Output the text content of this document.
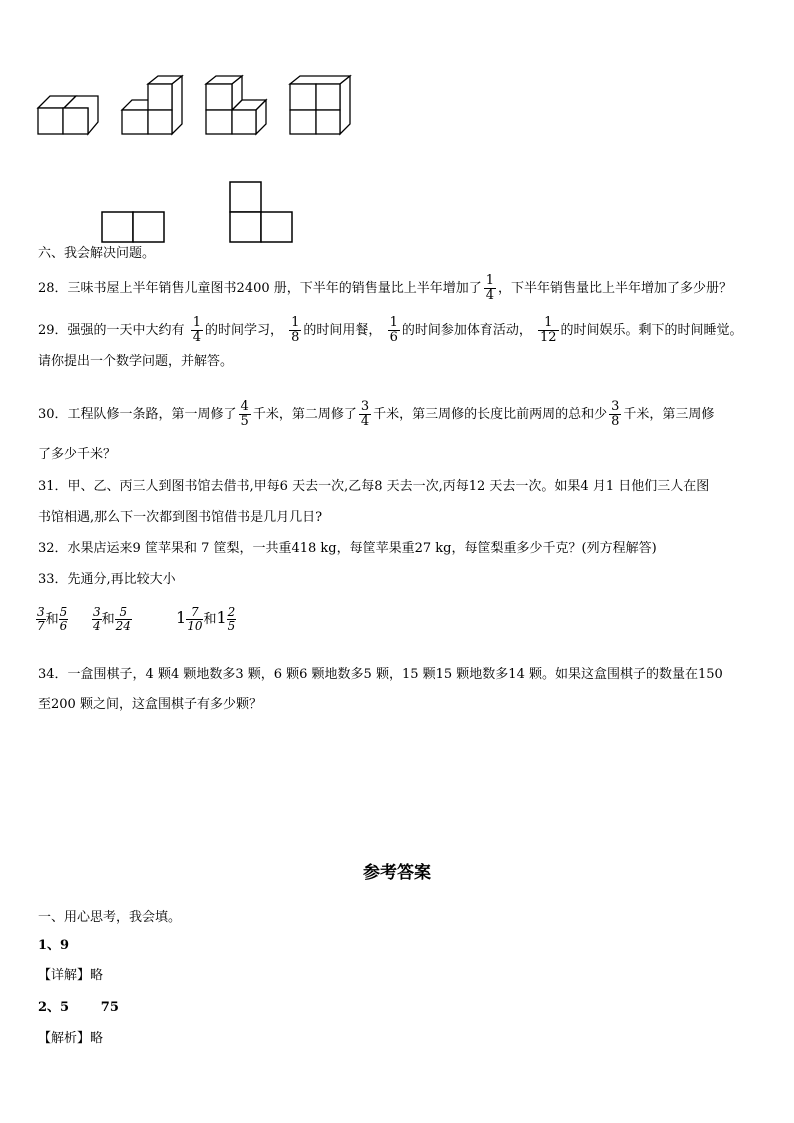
六、我会解决问题。
28．三味书屋上半年销售儿童图书2400 册，下半年的销售量比上半年增加了 $\frac{1}{4}$ ，下半年销售量比上半年增加了多少册？
29．强强的一天中大约有 $\frac{1}{4}$ 的时间学习， $\frac{1}{8}$ 的时间用餐， $\frac{1}{6}$ 的时间参加体育活动， $\frac{1}{12}$ 的时间娱乐。剩下的时间睡觉。
请你提出一个数学问题，并解答。
30．工程队修一条路，第一周修了 $\frac{4}{5}$ 千米，第二周修了 $\frac{3}{4}$ 千米，第三周修的长度比前两周的总和少 $\frac{3}{8}$ 千米，第三周修
了多少千米？
31．甲、乙、丙三人到图书馆去借书,甲每6 天去一次,乙每8 天去一次,丙每12 天去一次。如果4 月1 日他们三人在图
书馆相遇,那么下一次都到图书馆借书是几月几日?
32．水果店运来9 筐苹果和 7 筐梨，一共重418 kg，每筐苹果重27 kg，每筐梨重多少千克？(列方程解答)
33．先通分,再比较大小
$\frac{3}{7}$ 和 $\frac{5}{6} \frac{3}{4}$ 和 $\frac{5}{24}$	$1 \frac{7}{10}$ 和$1 \frac{2}{5}$
34．一盒围棋子，4 颗4 颗地数多3 颗，6 颗6 颗地数多5 颗，15 颗15 颗地数多14 颗。如果这盒围棋子的数量在150
至200 颗之间，这盒围棋子有多少颗？
参考答案
一、用心思考，我会填。
1、9
【详解】略
2、5       75
【解析】略
